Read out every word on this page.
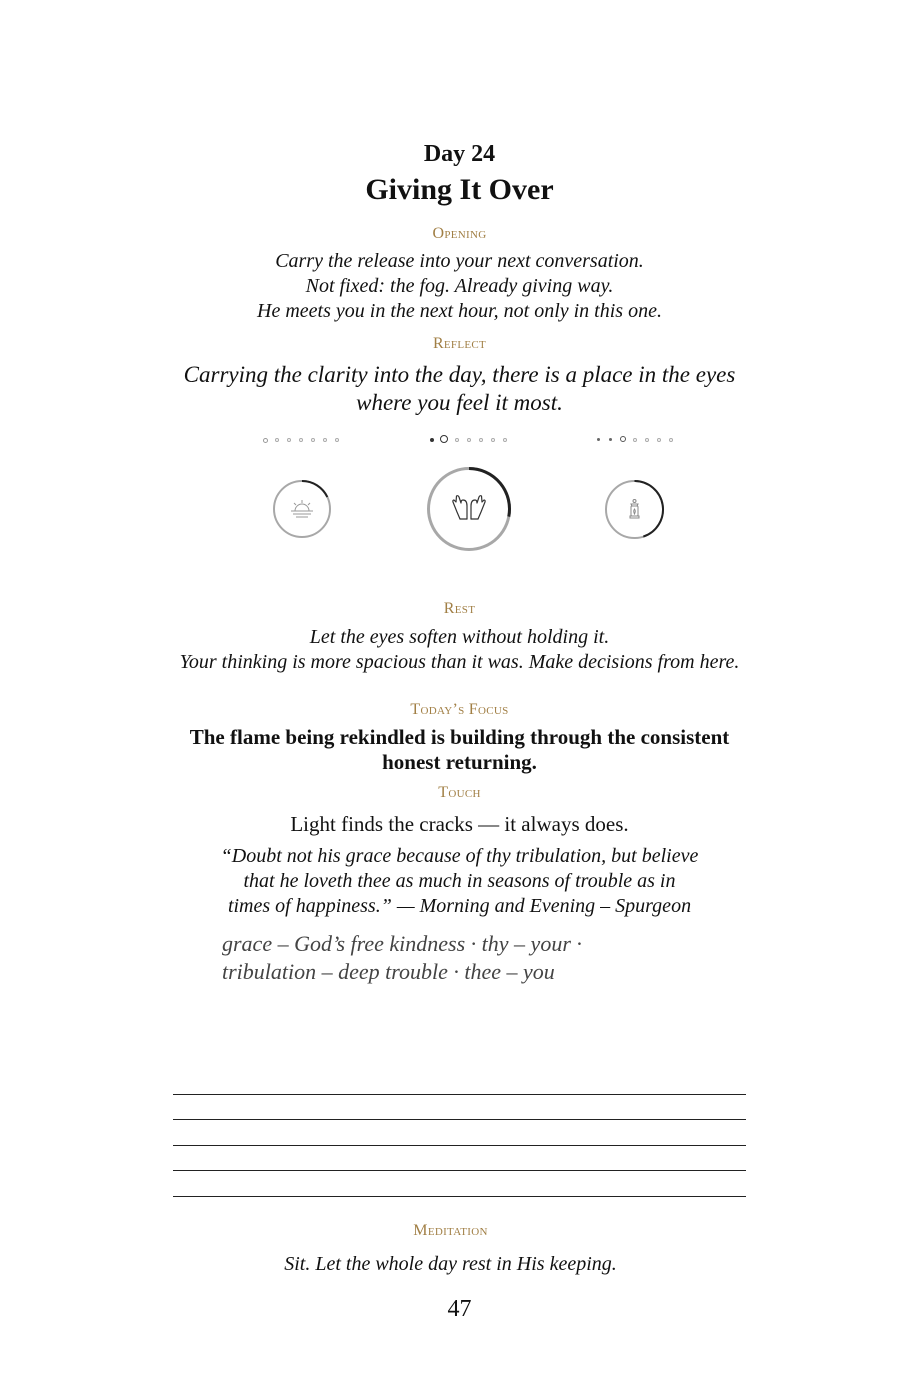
Day 24
Giving It Over
Opening
Carry the release into your next conversation.
Not fixed: the fog. Already giving way.
He meets you in the next hour, not only in this one.
Reflect
Carrying the clarity into the day, there is a place in the eyes
where you feel it most.
Rest
Let the eyes soften without holding it.
Your thinking is more spacious than it was. Make decisions from here.
Today’s Focus
The flame being rekindled is building through the consistent
honest returning.
Touch
Light finds the cracks — it always does.
“Doubt not his grace because of thy tribulation, but believe
that he loveth thee as much in seasons of trouble as in
times of happiness.” — Morning and Evening – Spurgeon
grace – God’s free kindness · thy – your ·
tribulation – deep trouble · thee – you
Meditation
Sit. Let the whole day rest in His keeping.
47
